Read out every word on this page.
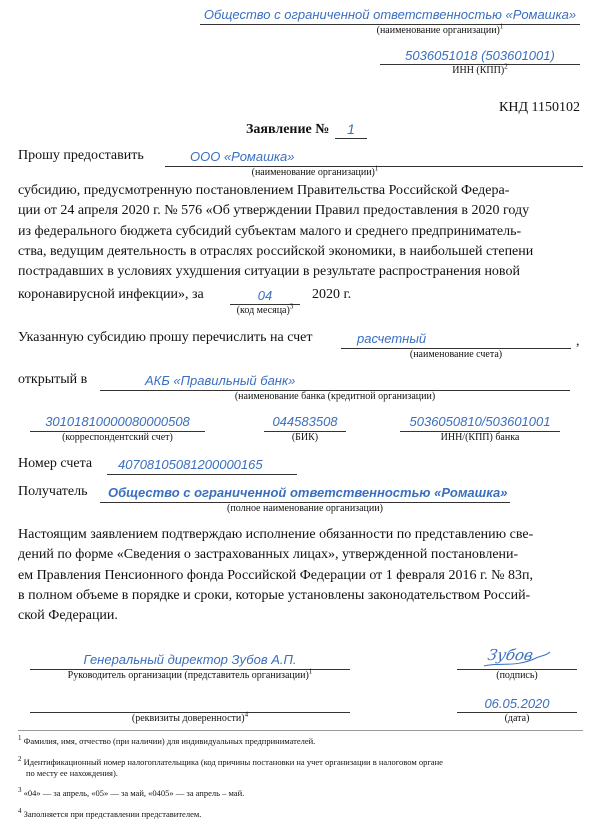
Общество с ограниченной ответственностью «Ромашка»
(наименование организации)$^1$
5036051018 (503601001)
ИНН (КПП)$^2$
КНД 1150102
Заявление №	1
Прошу предоставить	ООО «Ромашка»
(наименование организации)$^1$
субсидию, предусмотренную постановлением Правительства Российской Федера-
ции от 24 апреля 2020 г. № 576 «Об утверждении Правил предоставления в 2020 году
из федерального бюджета субсидий субъектам малого и среднего предприниматель-
ства, ведущим деятельность в отраслях российской экономики, в наибольшей степени
пострадавших в условиях ухудшения ситуации в результате распространения новой
коронавирусной инфекции», за	04
(код месяца)$^3$
2020 г.
Указанную субсидию прошу перечислить на счет	расчетный	,
(наименование счета)
открытый в	АКБ «Правильный банк»
(наименование банка (кредитной организации)
30101810000080000508
(корреспондентский счет)
044583508
(БИК)
5036050810/503601001
ИНН/(КПП) банка
Номер счета 40708105081200000165
Получатель Общество с ограниченной ответственностью «Ромашка»
(полное наименование организации)
Настоящим заявлением подтверждаю исполнение обязанности по представлению све-
дений по форме «Сведения о застрахованных лицах», утвержденной постановлени-
ем Правления Пенсионного фонда Российской Федерации от 1 февраля 2016 г. № 83п,
в полном объеме в порядке и сроки, которые установлены законодательством Россий-
ской Федерации.
Генеральный директор Зубов А.П.
Руководитель организации (представитель организации)$^1$
Зубов
(подпись)
06.05.2020
(дата)
(реквизиты доверенности)$^4$
$^1$ Фамилия, имя, отчество (при наличии) для индивидуальных предпринимателей.
$^2$ Идентификационный номер налогоплательщика (код причины постановки на учет организации в налоговом органе
по месту ее нахождения).
$^3$ «04» — за апрель, «05» — за май, «0405» — за апрель – май.
$^4$ Заполняется при представлении представителем.
